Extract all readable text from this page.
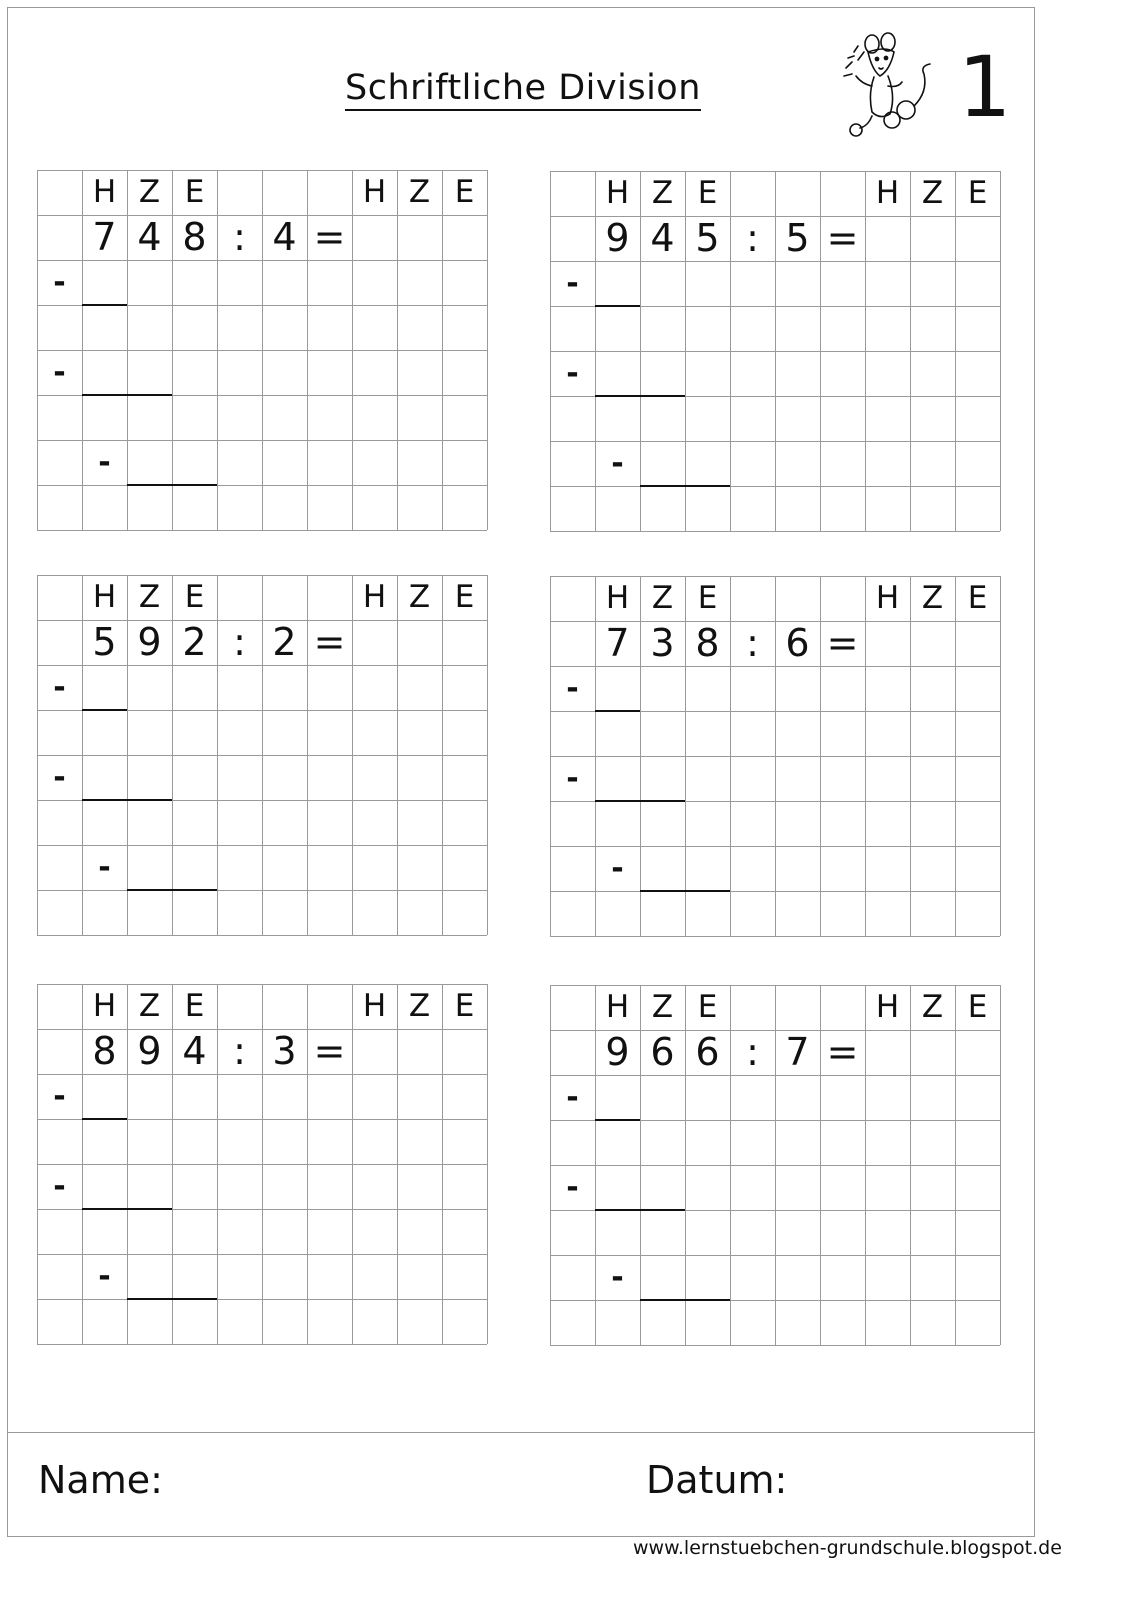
Schriftliche Division	1
H Z E	H Z E
7 4 8 : 4 =
-
-
-
H Z E	H Z E
9 4 5 : 5 =
-
-
-
H Z E	H Z E
5 9 2 : 2 =
-
-
-
H Z E	H Z E
7 3 8 : 6 =
-
-
-
H Z E	H Z E
8 9 4 : 3 =
-
-
-
H Z E	H Z E
9 6 6 : 7 =
-
-
-
Name:	Datum:
www.lernstuebchen-grundschule.blogspot.de
